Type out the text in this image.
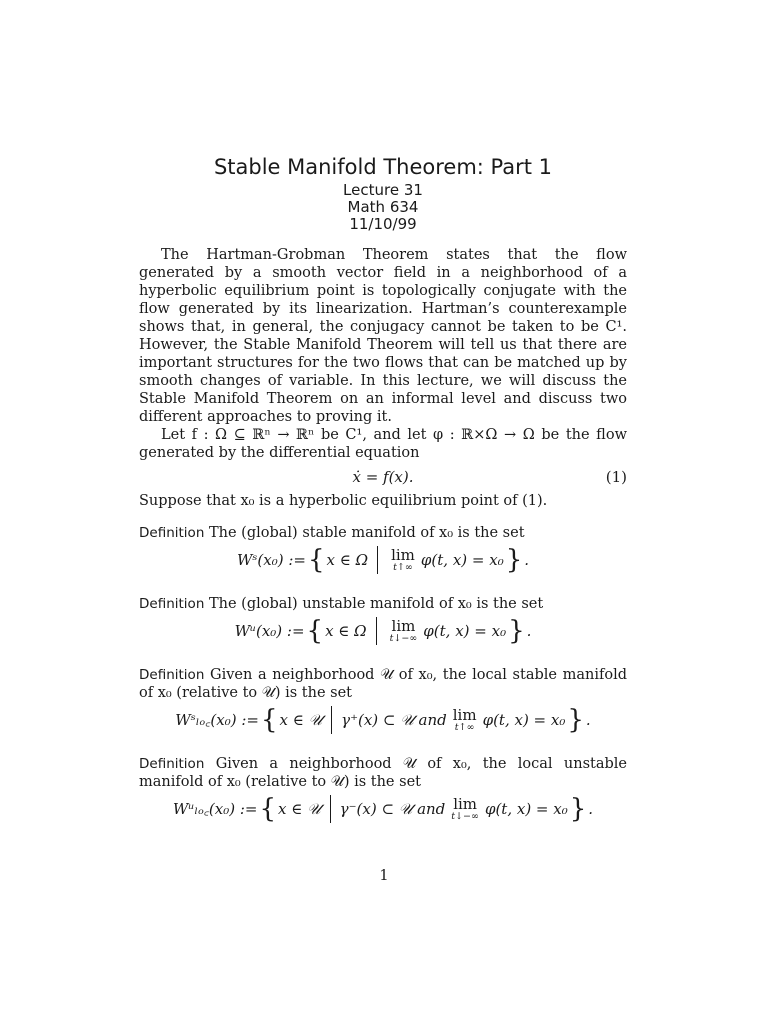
Stable Manifold Theorem: Part 1
Lecture 31
Math 634
11/10/99

The Hartman-Grobman Theorem states that the flow generated by a smooth vector field in a neighborhood of a hyperbolic equilibrium point is topologically conjugate with the flow generated by its linearization. Hartman’s counterexample shows that, in general, the conjugacy cannot be taken to be C¹. However, the Stable Manifold Theorem will tell us that there are important structures for the two flows that can be matched up by smooth changes of variable. In this lecture, we will discuss the Stable Manifold Theorem on an informal level and discuss two different approaches to proving it.

Let f : Ω ⊆ ℝⁿ → ℝⁿ be C¹, and let φ : ℝ×Ω → Ω be the flow generated by the differential equation

ẋ = f(x).	(1)

Suppose that x₀ is a hyperbolic equilibrium point of (1).

Definition The (global) stable manifold of x₀ is the set

Wˢ(x₀) := { x ∈ Ω lim
t↑∞ φ(t, x) = x₀ } .

Definition The (global) unstable manifold of x₀ is the set

Wᵘ(x₀) := { x ∈ Ω lim
t↓−∞ φ(t, x) = x₀ } .

Definition Given a neighborhood 𝒰 of x₀, the local stable manifold of x₀ (relative to 𝒰) is the set

Wˢₗₒ꜀(x₀) := { x ∈ 𝒰 γ⁺(x) ⊂ 𝒰 and lim
t↑∞ φ(t, x) = x₀ } .

Definition Given a neighborhood 𝒰 of x₀, the local unstable manifold of x₀ (relative to 𝒰) is the set

Wᵘₗₒ꜀(x₀) := { x ∈ 𝒰 γ⁻(x) ⊂ 𝒰 and lim
t↓−∞ φ(t, x) = x₀ } .
1
